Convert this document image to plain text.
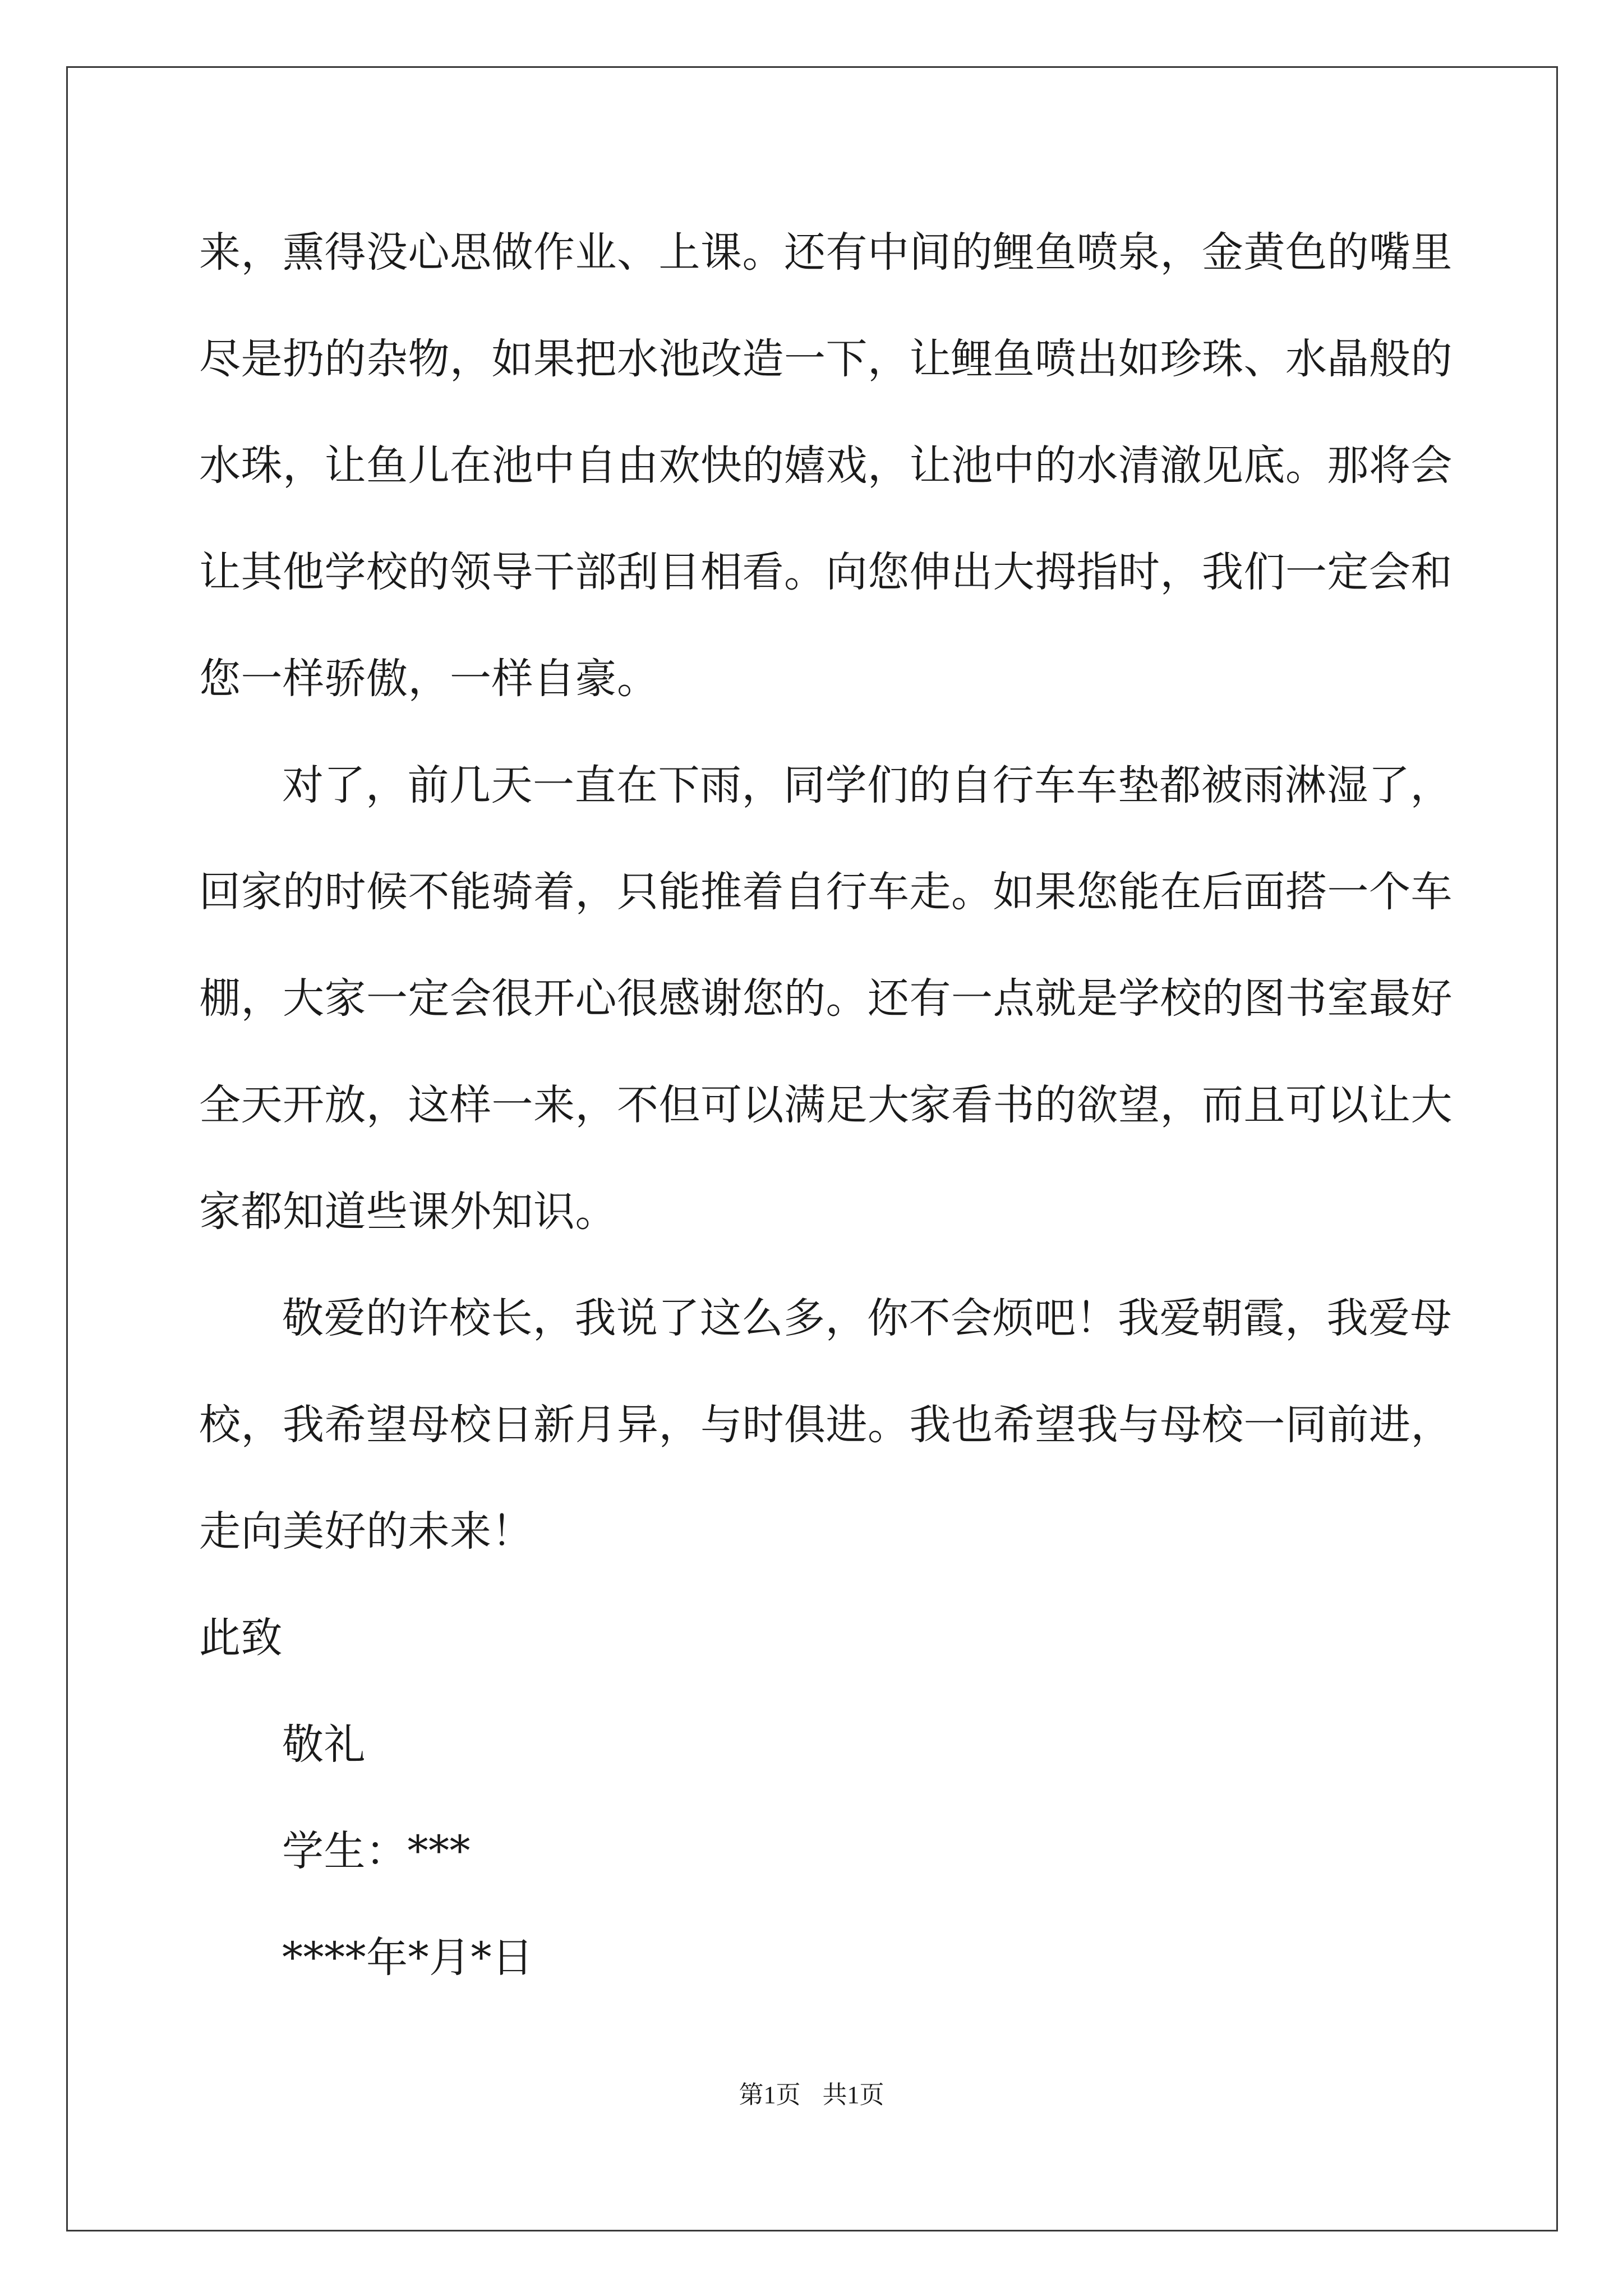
来，熏得没心思做作业、上课。还有中间的鲤鱼喷泉，金黄色的嘴里
尽是扔的杂物，如果把水池改造一下，让鲤鱼喷出如珍珠、水晶般的
水珠，让鱼儿在池中自由欢快的嬉戏，让池中的水清澈见底。那将会
让其他学校的领导干部刮目相看。向您伸出大拇指时，我们一定会和
您一样骄傲，一样自豪。
对了，前几天一直在下雨，同学们的自行车车垫都被雨淋湿了，
回家的时候不能骑着，只能推着自行车走。如果您能在后面搭一个车
棚，大家一定会很开心很感谢您的。还有一点就是学校的图书室最好
全天开放，这样一来，不但可以满足大家看书的欲望，而且可以让大
家都知道些课外知识。
敬爱的许校长，我说了这么多，你不会烦吧！我爱朝霞，我爱母
校，我希望母校日新月异，与时俱进。我也希望我与母校一同前进，
走向美好的未来！
此致
敬礼
学生：***
****年*月*日
第1页 共1页
